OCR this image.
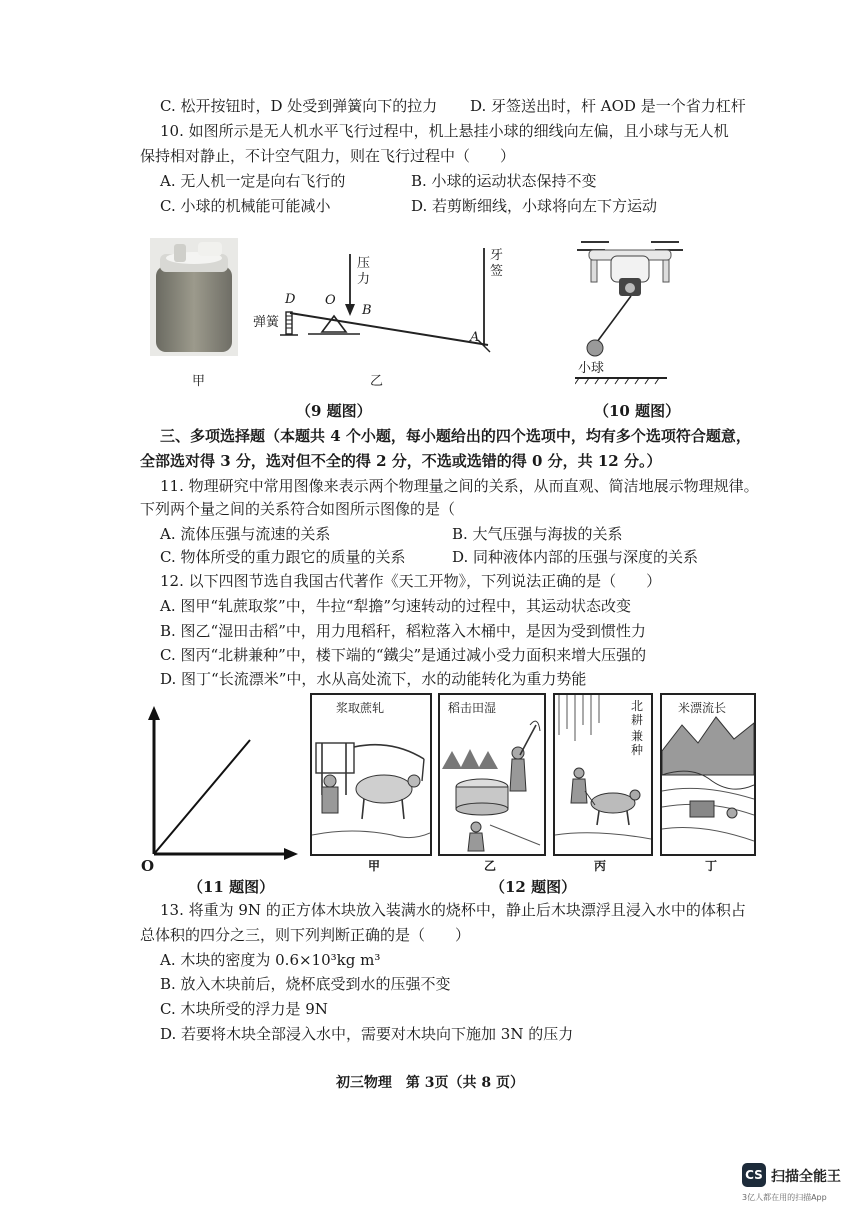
C. 松开按钮时，D 处受到弹簧向下的拉力 D. 牙签送出时，杆 AOD 是一个省力杠杆
10. 如图所示是无人机水平飞行过程中，机上悬挂小球的细线向左偏，且小球与无人机
保持相对静止，不计空气阻力，则在飞行过程中（　　）
A. 无人机一定是向右飞行的	B. 小球的运动状态保持不变
C. 小球的机械能可能减小	D. 若剪断细线，小球将向左下方运动
压力
牙签
弹簧
D O
B
A
甲	乙
（9 题图）
小球
（10 题图）
三、多项选择题（本题共 4 个小题，每小题给出的四个选项中，均有多个选项符合题意，
全部选对得 3 分，选对但不全的得 2 分，不选或选错的得 0 分，共 12 分。）
11. 物理研究中常用图像来表示两个物理量之间的关系，从而直观、简洁地展示物理规律。
下列两个量之间的关系符合如图所示图像的是（
A. 流体压强与流速的关系	B. 大气压强与海拔的关系
C. 物体所受的重力跟它的质量的关系	D. 同种液体内部的压强与深度的关系
12. 以下四图节选自我国古代著作《天工开物》，下列说法正确的是（　　）
A. 图甲“轧蔗取浆”中，牛拉“犁擔”匀速转动的过程中，其运动状态改变
B. 图乙“湿田击稻”中，用力甩稻秆，稻粒落入木桶中，是因为受到惯性力
C. 图丙“北耕兼种”中，楼下端的“鐵尖”是通过减小受力面积来增大压强的
D. 图丁“长流漂米”中，水从高处流下，水的动能转化为重力势能
O
（11 题图）
浆取蔗轧	稻击田湿	北耕
兼种
米漂流长
甲	乙	丙	丁
（12 题图）
13. 将重为 9N 的正方体木块放入装满水的烧杯中，静止后木块漂浮且浸入水中的体积占
总体积的四分之三，则下列判断正确的是（　　）
A. 木块的密度为 0.6×10³kg m³
B. 放入木块前后，烧杯底受到水的压强不变
C. 木块所受的浮力是 9N
D. 若要将木块全部浸入水中，需要对木块向下施加 3N 的压力
初三物理　第 3页（共 8 页）
CS 扫描全能王
3亿人都在用的扫描App
